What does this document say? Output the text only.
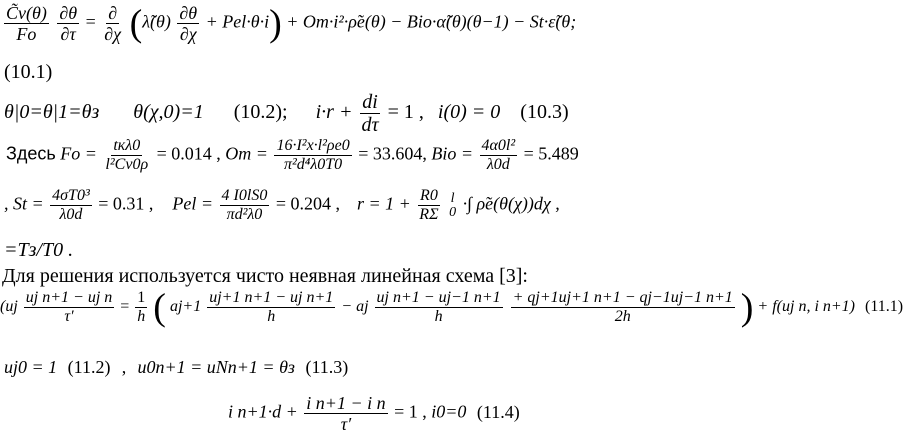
$\frac{C̃v(\theta)}{Fo}$
$\frac{\partial\theta}{\partial\tau} = \frac{\partial}{\partial\chi}$ (λ̃(θ) $\frac{\partial\theta}{\partial\chi} + Pel\cdot\theta\cdot i$) + Om·i²·ρ̃e(θ) − Bio·α̃(θ)(θ−1) − St·ε̃(θ;
(10.1)
θ|0=θ|1=θз θ(χ,0)=1 (10.2); $i\cdot r + \frac{di}{d\tau} = 1$ , i(0) = 0 (10.3)
Здесь $Fo = \frac{\text{tкλ0}}{\text{l²Cv0ρ}} = 0.014$ , $Om = \frac{\text{16·I²x·l²ρe0}}{\text{π²d⁴λ0T0}} = 33.604$, Bio = $\frac{\text{4α0l²}}{\lambda 0d} = 5.489$
, $St = \frac{\text{4σT0³}}{\lambda 0d} = 0.31$ , Pel = $\frac{4 I0lS0}{\text{πd²λ0}} = 0.204$ , $r = 1 + \frac{R0}{R\Sigma}$
l
0 ·∫ ρ̃e(θ(χ))dχ ,
=Tз/T0 .
Для решения используется чисто неявная линейная схема [3]:
($иj \frac{\text{uj n+1 − uj n}}{\tau'} = \frac{1}{h}$ ( $aj+1 \frac{\text{uj+1 n+1 − uj n+1}}{h}$ − aj $\frac{\text{uj n+1 − uj−1 n+1}}{h}$
$\frac{+ qj+1uj+1 n+1 - qj-1uj-1 n+1}{2h}$ ) + f(uj n, i n+1) (11.1)
uj0 = 1 (11.2) , u0n+1 = uNn+1 = θз (11.3)
i $n+1\cdot d + \frac{\text{i n+1 − i n}}{\tau'} = 1$ , i0=0 (11.4)
